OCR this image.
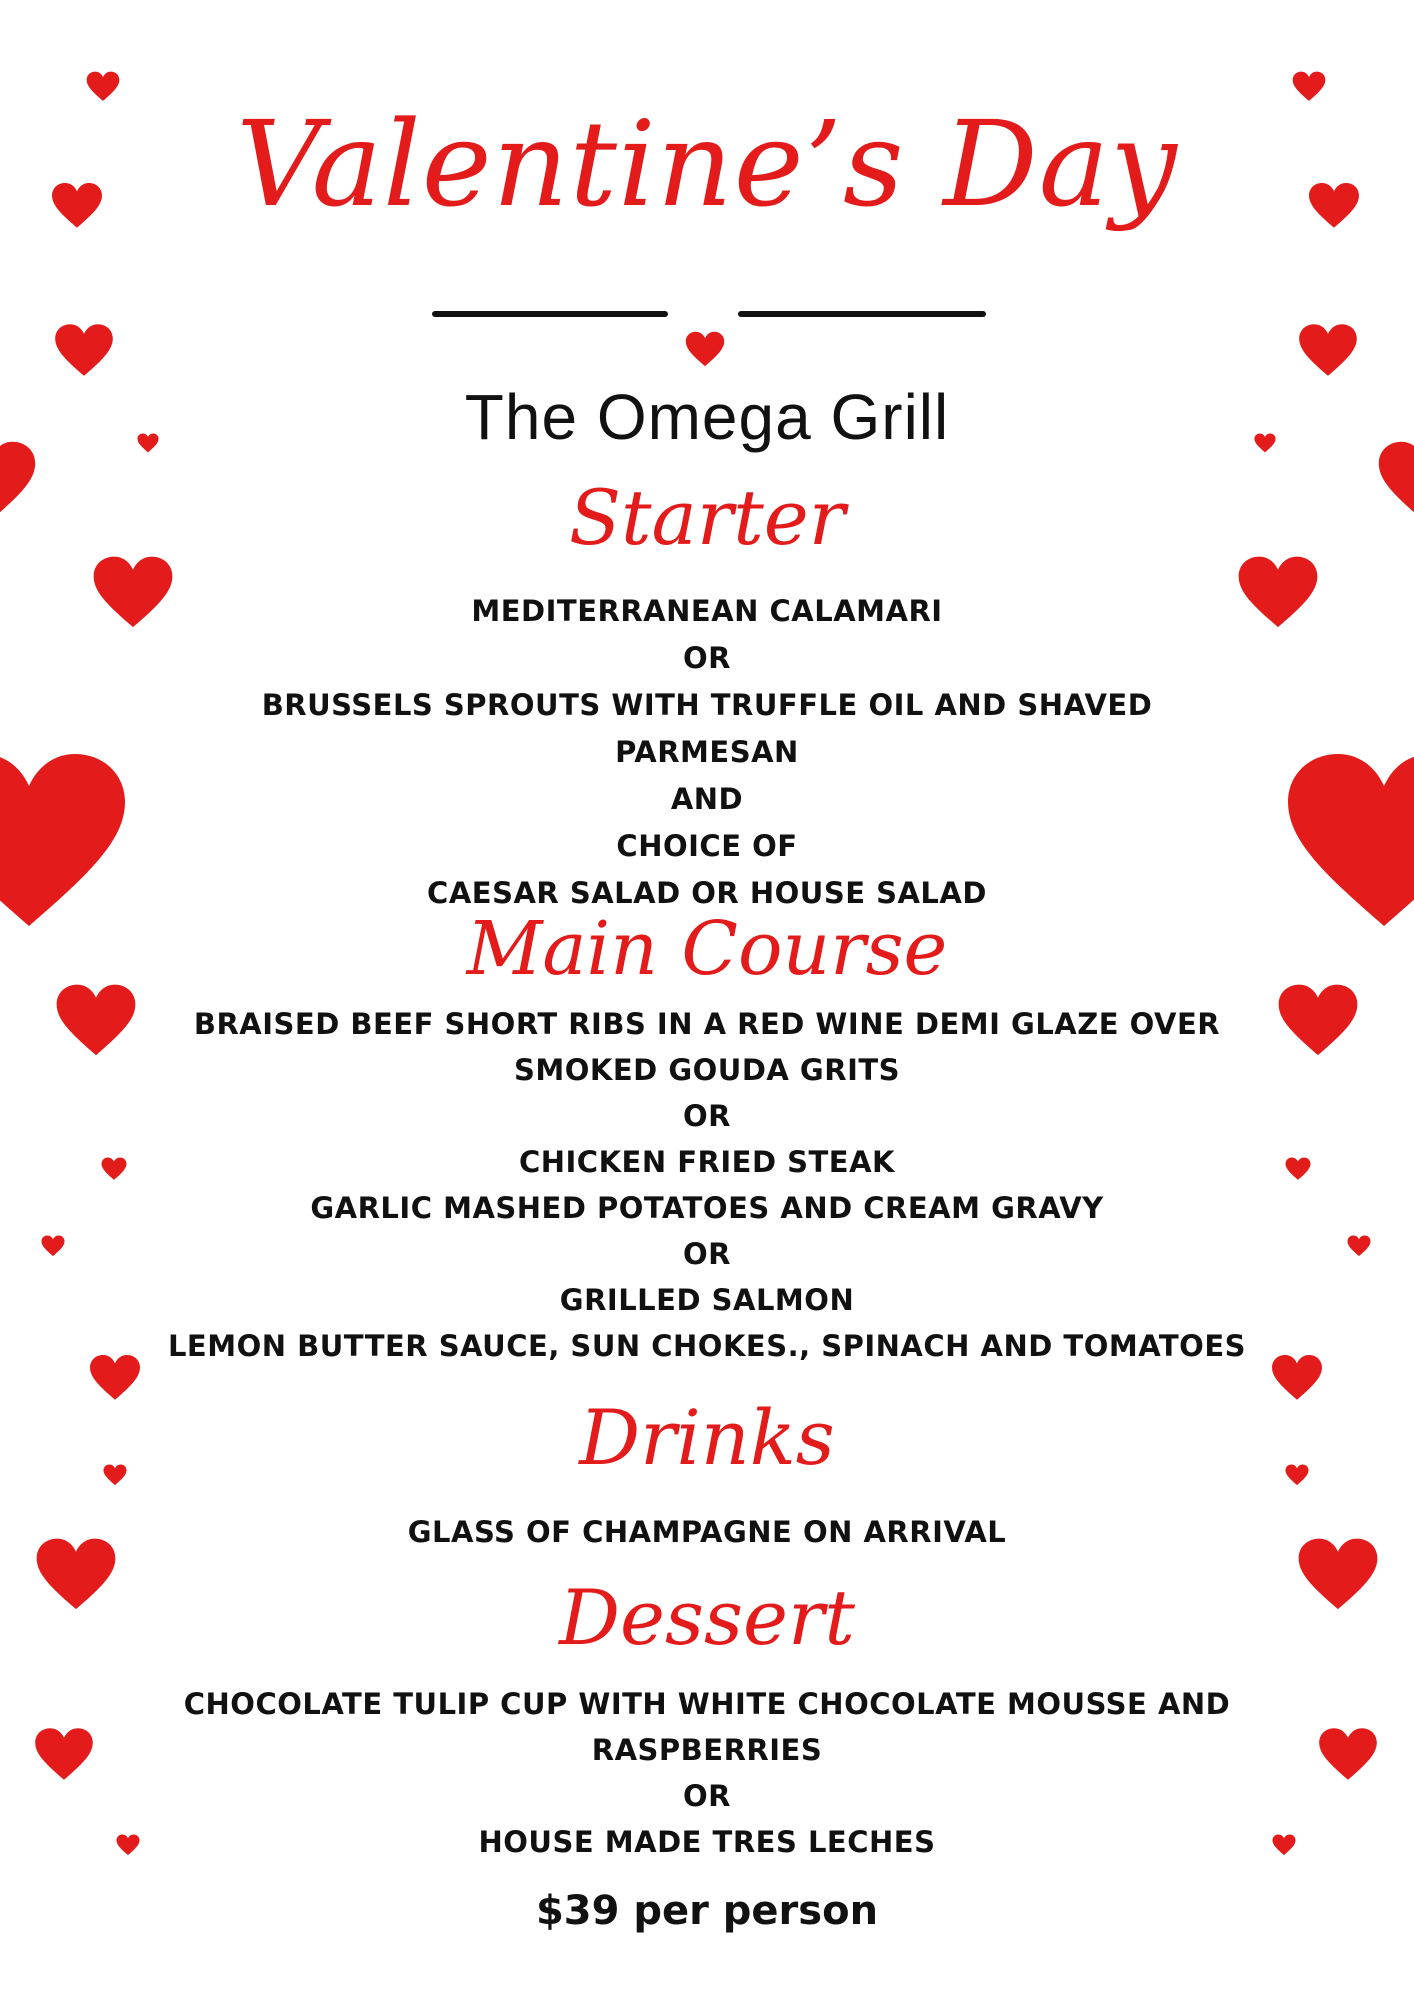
Valentine’s Day
The Omega Grill
Starter
MEDITERRANEAN CALAMARI
OR
BRUSSELS SPROUTS WITH TRUFFLE OIL AND SHAVED
PARMESAN
AND
CHOICE OF
CAESAR SALAD OR HOUSE SALAD
Main Course
BRAISED BEEF SHORT RIBS IN A RED WINE DEMI GLAZE OVER
SMOKED GOUDA GRITS
OR
CHICKEN FRIED STEAK
GARLIC MASHED POTATOES AND CREAM GRAVY
OR
GRILLED SALMON
LEMON BUTTER SAUCE, SUN CHOKES., SPINACH AND TOMATOES
Drinks
GLASS OF CHAMPAGNE ON ARRIVAL
Dessert
CHOCOLATE TULIP CUP WITH WHITE CHOCOLATE MOUSSE AND
RASPBERRIES
OR
HOUSE MADE TRES LECHES
$39 per person
